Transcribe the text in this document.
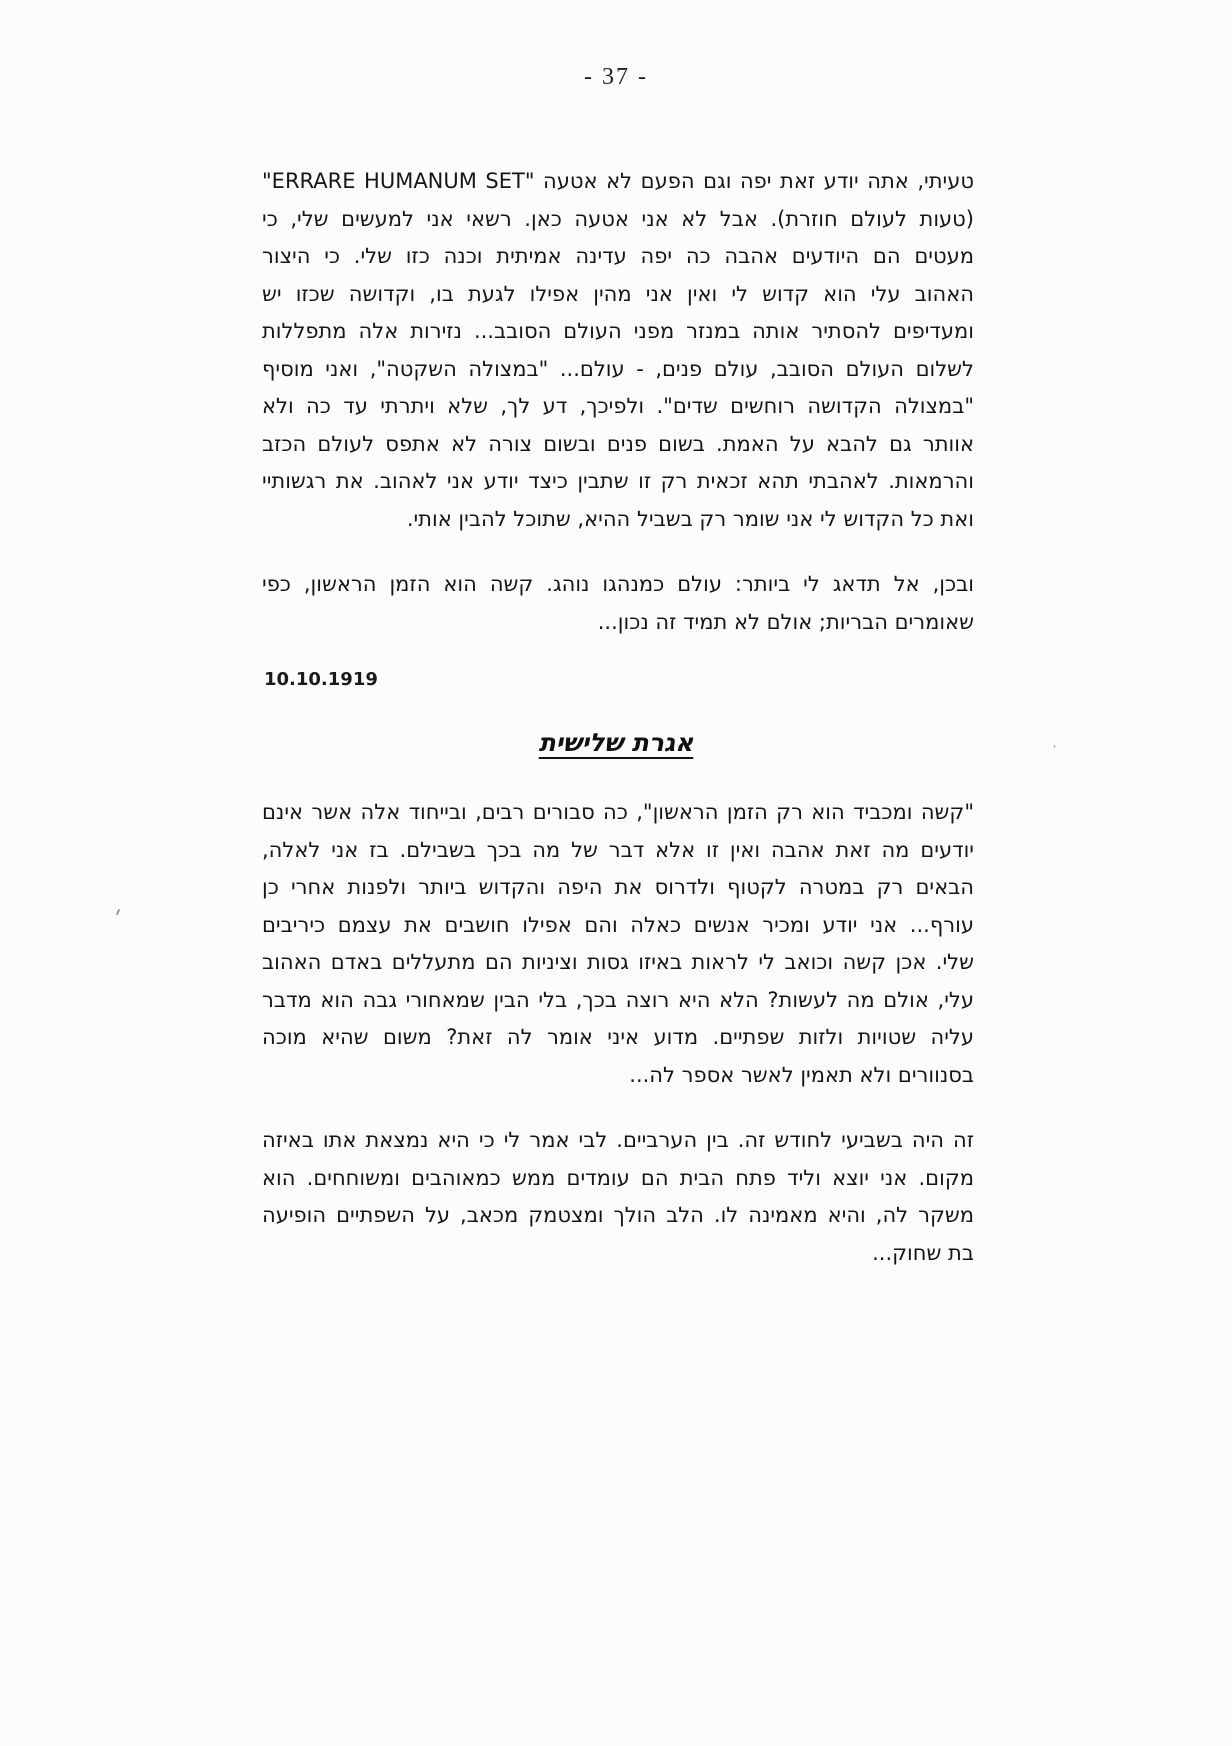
- 37 -
טעיתי, אתה יודע זאת יפה וגם הפעם לא אטעה "ERRARE HUMANUM SET"
(טעות לעולם חוזרת). אבל לא אני אטעה כאן. רשאי אני למעשים שלי, כי
מעטים הם היודעים אהבה כה יפה עדינה אמיתית וכנה כזו שלי. כי היצור
האהוב עלי הוא קדוש לי ואין אני מהין אפילו לגעת בו, וקדושה שכזו יש
ומעדיפים להסתיר אותה במנזר מפני העולם הסובב... נזירות אלה מתפללות
לשלום העולם הסובב, עולם פנים, - עולם... "במצולה השקטה", ואני מוסיף
"במצולה הקדושה רוחשים שדים". ולפיכך, דע לך, שלא ויתרתי עד כה ולא
אוותר גם להבא על האמת. בשום פנים ובשום צורה לא אתפס לעולם הכזב
והרמאות. לאהבתי תהא זכאית רק זו שתבין כיצד יודע אני לאהוב. את רגשותיי
ואת כל הקדוש לי אני שומר רק בשביל ההיא, שתוכל להבין אותי.
ובכן, אל תדאג לי ביותר: עולם כמנהגו נוהג. קשה הוא הזמן הראשון, כפי
שאומרים הבריות; אולם לא תמיד זה נכון...
10.10.1919
אגרת שלישית
"קשה ומכביד הוא רק הזמן הראשון", כה סבורים רבים, ובייחוד אלה אשר אינם
יודעים מה זאת אהבה ואין זו אלא דבר של מה בכך בשבילם. בז אני לאלה,
הבאים רק במטרה לקטוף ולדרוס את היפה והקדוש ביותר ולפנות אחרי כן
עורף... אני יודע ומכיר אנשים כאלה והם אפילו חושבים את עצמם כיריבים
שלי. אכן קשה וכואב לי לראות באיזו גסות וציניות הם מתעללים באדם האהוב
עלי, אולם מה לעשות? הלא היא רוצה בכך, בלי הבין שמאחורי גבה הוא מדבר
עליה שטויות ולזות שפתיים. מדוע איני אומר לה זאת? משום שהיא מוכה
בסנוורים ולא תאמין לאשר אספר לה...
זה היה בשביעי לחודש זה. בין הערביים. לבי אמר לי כי היא נמצאת אתו באיזה
מקום. אני יוצא וליד פתח הבית הם עומדים ממש כמאוהבים ומשוחחים. הוא
משקר לה, והיא מאמינה לו. הלב הולך ומצטמק מכאב, על השפתיים הופיעה
בת שחוק...
